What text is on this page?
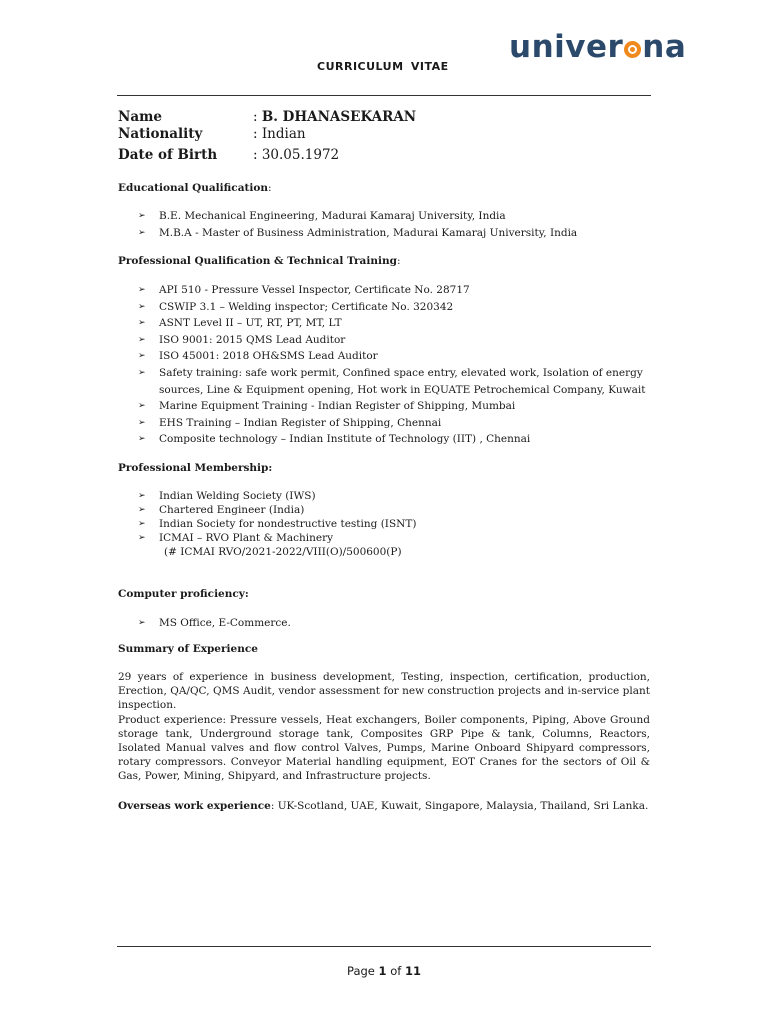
univer na
CURRICULUM VITAE
Name	: B. DHANASEKARAN
Nationality	: Indian
Date of Birth	: 30.05.1972
Educational Qualification:
➢ B.E. Mechanical Engineering, Madurai Kamaraj University, India
➢ M.B.A - Master of Business Administration, Madurai Kamaraj University, India
Professional Qualification & Technical Training:
➢ API 510 - Pressure Vessel Inspector, Certificate No. 28717
➢ CSWIP 3.1 – Welding inspector; Certificate No. 320342
➢ ASNT Level II – UT, RT, PT, MT, LT
➢ ISO 9001: 2015 QMS Lead Auditor
➢ ISO 45001: 2018 OH&SMS Lead Auditor
➢ Safety training: safe work permit, Confined space entry, elevated work, Isolation of energy
sources, Line & Equipment opening, Hot work in EQUATE Petrochemical Company, Kuwait
➢ Marine Equipment Training - Indian Register of Shipping, Mumbai
➢ EHS Training – Indian Register of Shipping, Chennai
➢ Composite technology – Indian Institute of Technology (IIT) , Chennai
Professional Membership:
➢ Indian Welding Society (IWS)
➢ Chartered Engineer (India)
➢ Indian Society for nondestructive testing (ISNT)
➢ ICMAI – RVO Plant & Machinery
(# ICMAI RVO/2021-2022/VIII(O)/500600(P)
Computer proficiency:
➢ MS Office, E-Commerce.
Summary of Experience
29 years of experience in business development, Testing, inspection, certification, production, Erection, QA/QC, QMS Audit, vendor assessment for new construction projects and in-service plant inspection.
Product experience: Pressure vessels, Heat exchangers, Boiler components, Piping, Above Ground storage tank, Underground storage tank, Composites GRP Pipe & tank, Columns, Reactors, Isolated Manual valves and flow control Valves, Pumps, Marine Onboard Shipyard compressors, rotary compressors. Conveyor Material handling equipment, EOT Cranes for the sectors of Oil & Gas, Power, Mining, Shipyard, and Infrastructure projects.
Overseas work experience: UK-Scotland, UAE, Kuwait, Singapore, Malaysia, Thailand, Sri Lanka.
Page 1 of 11
